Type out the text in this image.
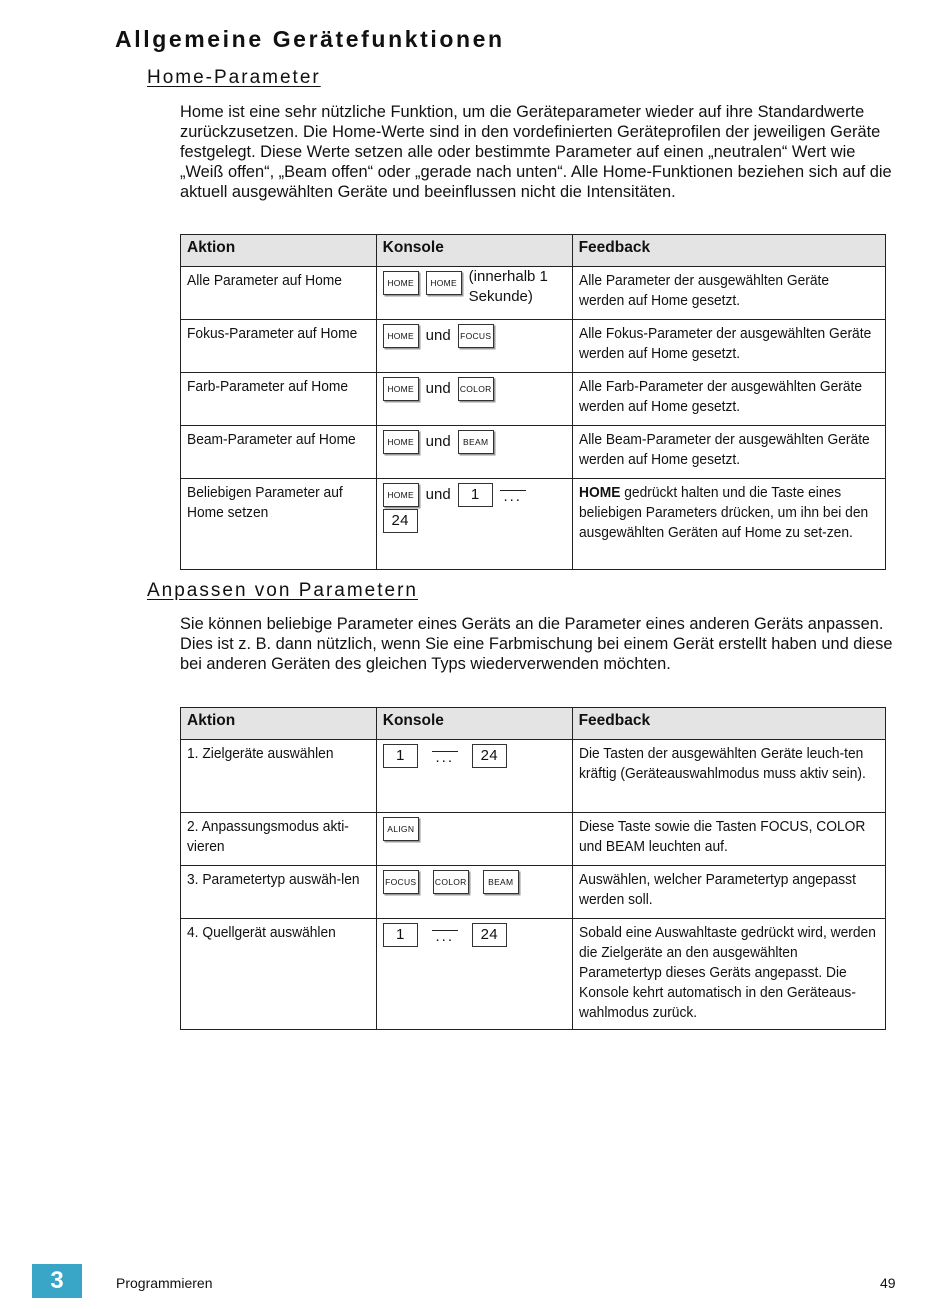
Allgemeine Gerätefunktionen
Home-Parameter

Home ist eine sehr nützliche Funktion, um die Geräteparameter wieder auf ihre Standardwerte zurückzusetzen. Die Home-Werte sind in den vordefinierten Geräteprofilen der jeweiligen Geräte festgelegt. Diese Werte setzen alle oder bestimmte Parameter auf einen „neutralen“ Wert wie „Weiß offen“, „Beam offen“ oder „gerade nach unten“. Alle Home-Funktionen beziehen sich auf die aktuell ausgewählten Geräte und beeinflussen nicht die Intensitäten.

Aktion	Konsole	Feedback

Alle Parameter auf Home	HOME HOME (innerhalb 1 Sekunde)	Alle Parameter der ausgewählten Geräte werden auf Home gesetzt.

Fokus-Parameter auf Home	HOME und FOCUS	Alle Fokus-Parameter der ausgewählten Geräte werden auf Home gesetzt.

Farb-Parameter auf Home	HOME und COLOR	Alle Farb-Parameter der ausgewählten Geräte werden auf Home gesetzt.

Beam-Parameter auf Home	HOME und BEAM	Alle Beam-Parameter der ausgewählten Geräte werden auf Home gesetzt.

Beliebigen Parameter auf Home setzen	HOME und 1 ...
24	HOME gedrückt halten und die Taste eines beliebigen Parameters drücken, um ihn bei den ausgewählten Geräten auf Home zu set-zen.
Anpassen von Parametern

Sie können beliebige Parameter eines Geräts an die Parameter eines anderen Geräts anpassen. Dies ist z. B. dann nützlich, wenn Sie eine Farbmischung bei einem Gerät erstellt haben und diese bei anderen Geräten des gleichen Typs wiederverwenden möchten.

Aktion	Konsole	Feedback

1. Zielgeräte auswählen	1 ... 24	Die Tasten der ausgewählten Geräte leuch-ten kräftig (Geräteauswahlmodus muss aktiv sein).

2. Anpassungsmodus akti-vieren	ALIGN	Diese Taste sowie die Tasten FOCUS, COLOR und BEAM leuchten auf.

3. Parametertyp auswäh-len	FOCUS COLOR BEAM	Auswählen, welcher Parametertyp angepasst werden soll.

4. Quellgerät auswählen	1 ... 24	Sobald eine Auswahltaste gedrückt wird, werden die Zielgeräte an den ausgewählten Parametertyp dieses Geräts angepasst. Die Konsole kehrt automatisch in den Geräteaus-wahlmodus zurück.
3	Programmieren	49
